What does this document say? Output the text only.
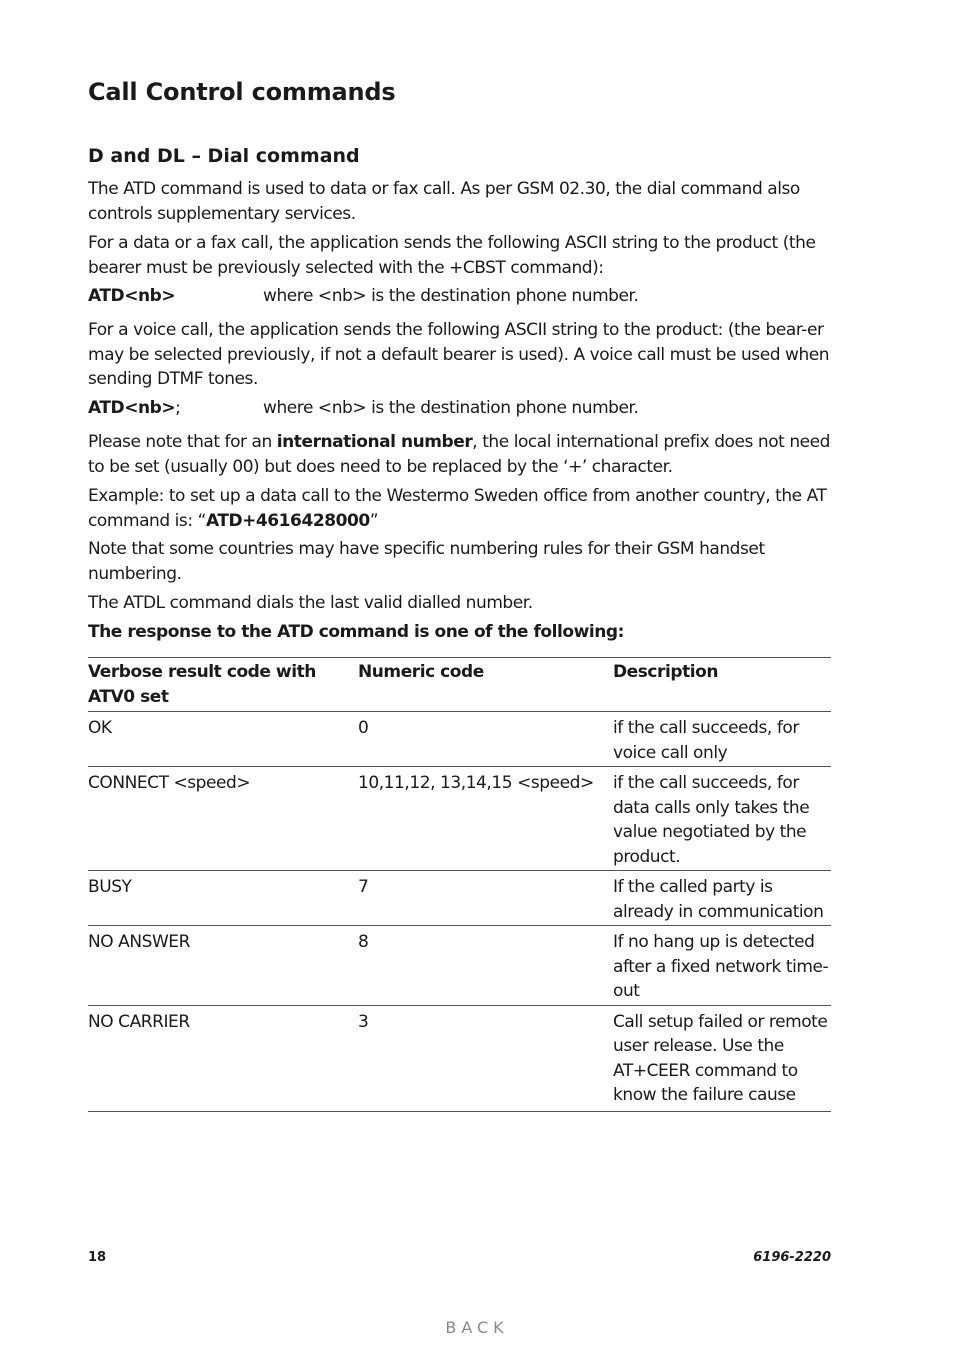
Call Control commands
D and DL – Dial command

The ATD command is used to data or fax call. As per GSM 02.30, the dial command also controls supplementary services.

For a data or a fax call, the application sends the following ASCII string to the product (the bearer must be previously selected with the +CBST command):

ATD<nb>	where <nb> is the destination phone number.

For a voice call, the application sends the following ASCII string to the product: (the bear-er may be selected previously, if not a default bearer is used). A voice call must be used when sending DTMF tones.

ATD<nb>;	where <nb> is the destination phone number.

Please note that for an international number, the local international prefix does not need to be set (usually 00) but does need to be replaced by the ‘+’ character.

Example: to set up a data call to the Westermo Sweden office from another country, the AT command is: “ATD+4616428000”

Note that some countries may have specific numbering rules for their GSM handset numbering.

The ATDL command dials the last valid dialled number.

The response to the ATD command is one of the following:

Verbose result code with ATV0 set	Numeric code	Description
OK	0	if the call succeeds, for voice call only
CONNECT <speed>	10,11,12, 13,14,15 <speed>	if the call succeeds, for data calls only takes the value negotiated by the product.
BUSY	7	If the called party is already in communication
NO ANSWER	8	If no hang up is detected after a fixed network time-out
NO CARRIER	3	Call setup failed or remote user release. Use the AT+CEER command to know the failure cause
18	6196-2220
BACK
